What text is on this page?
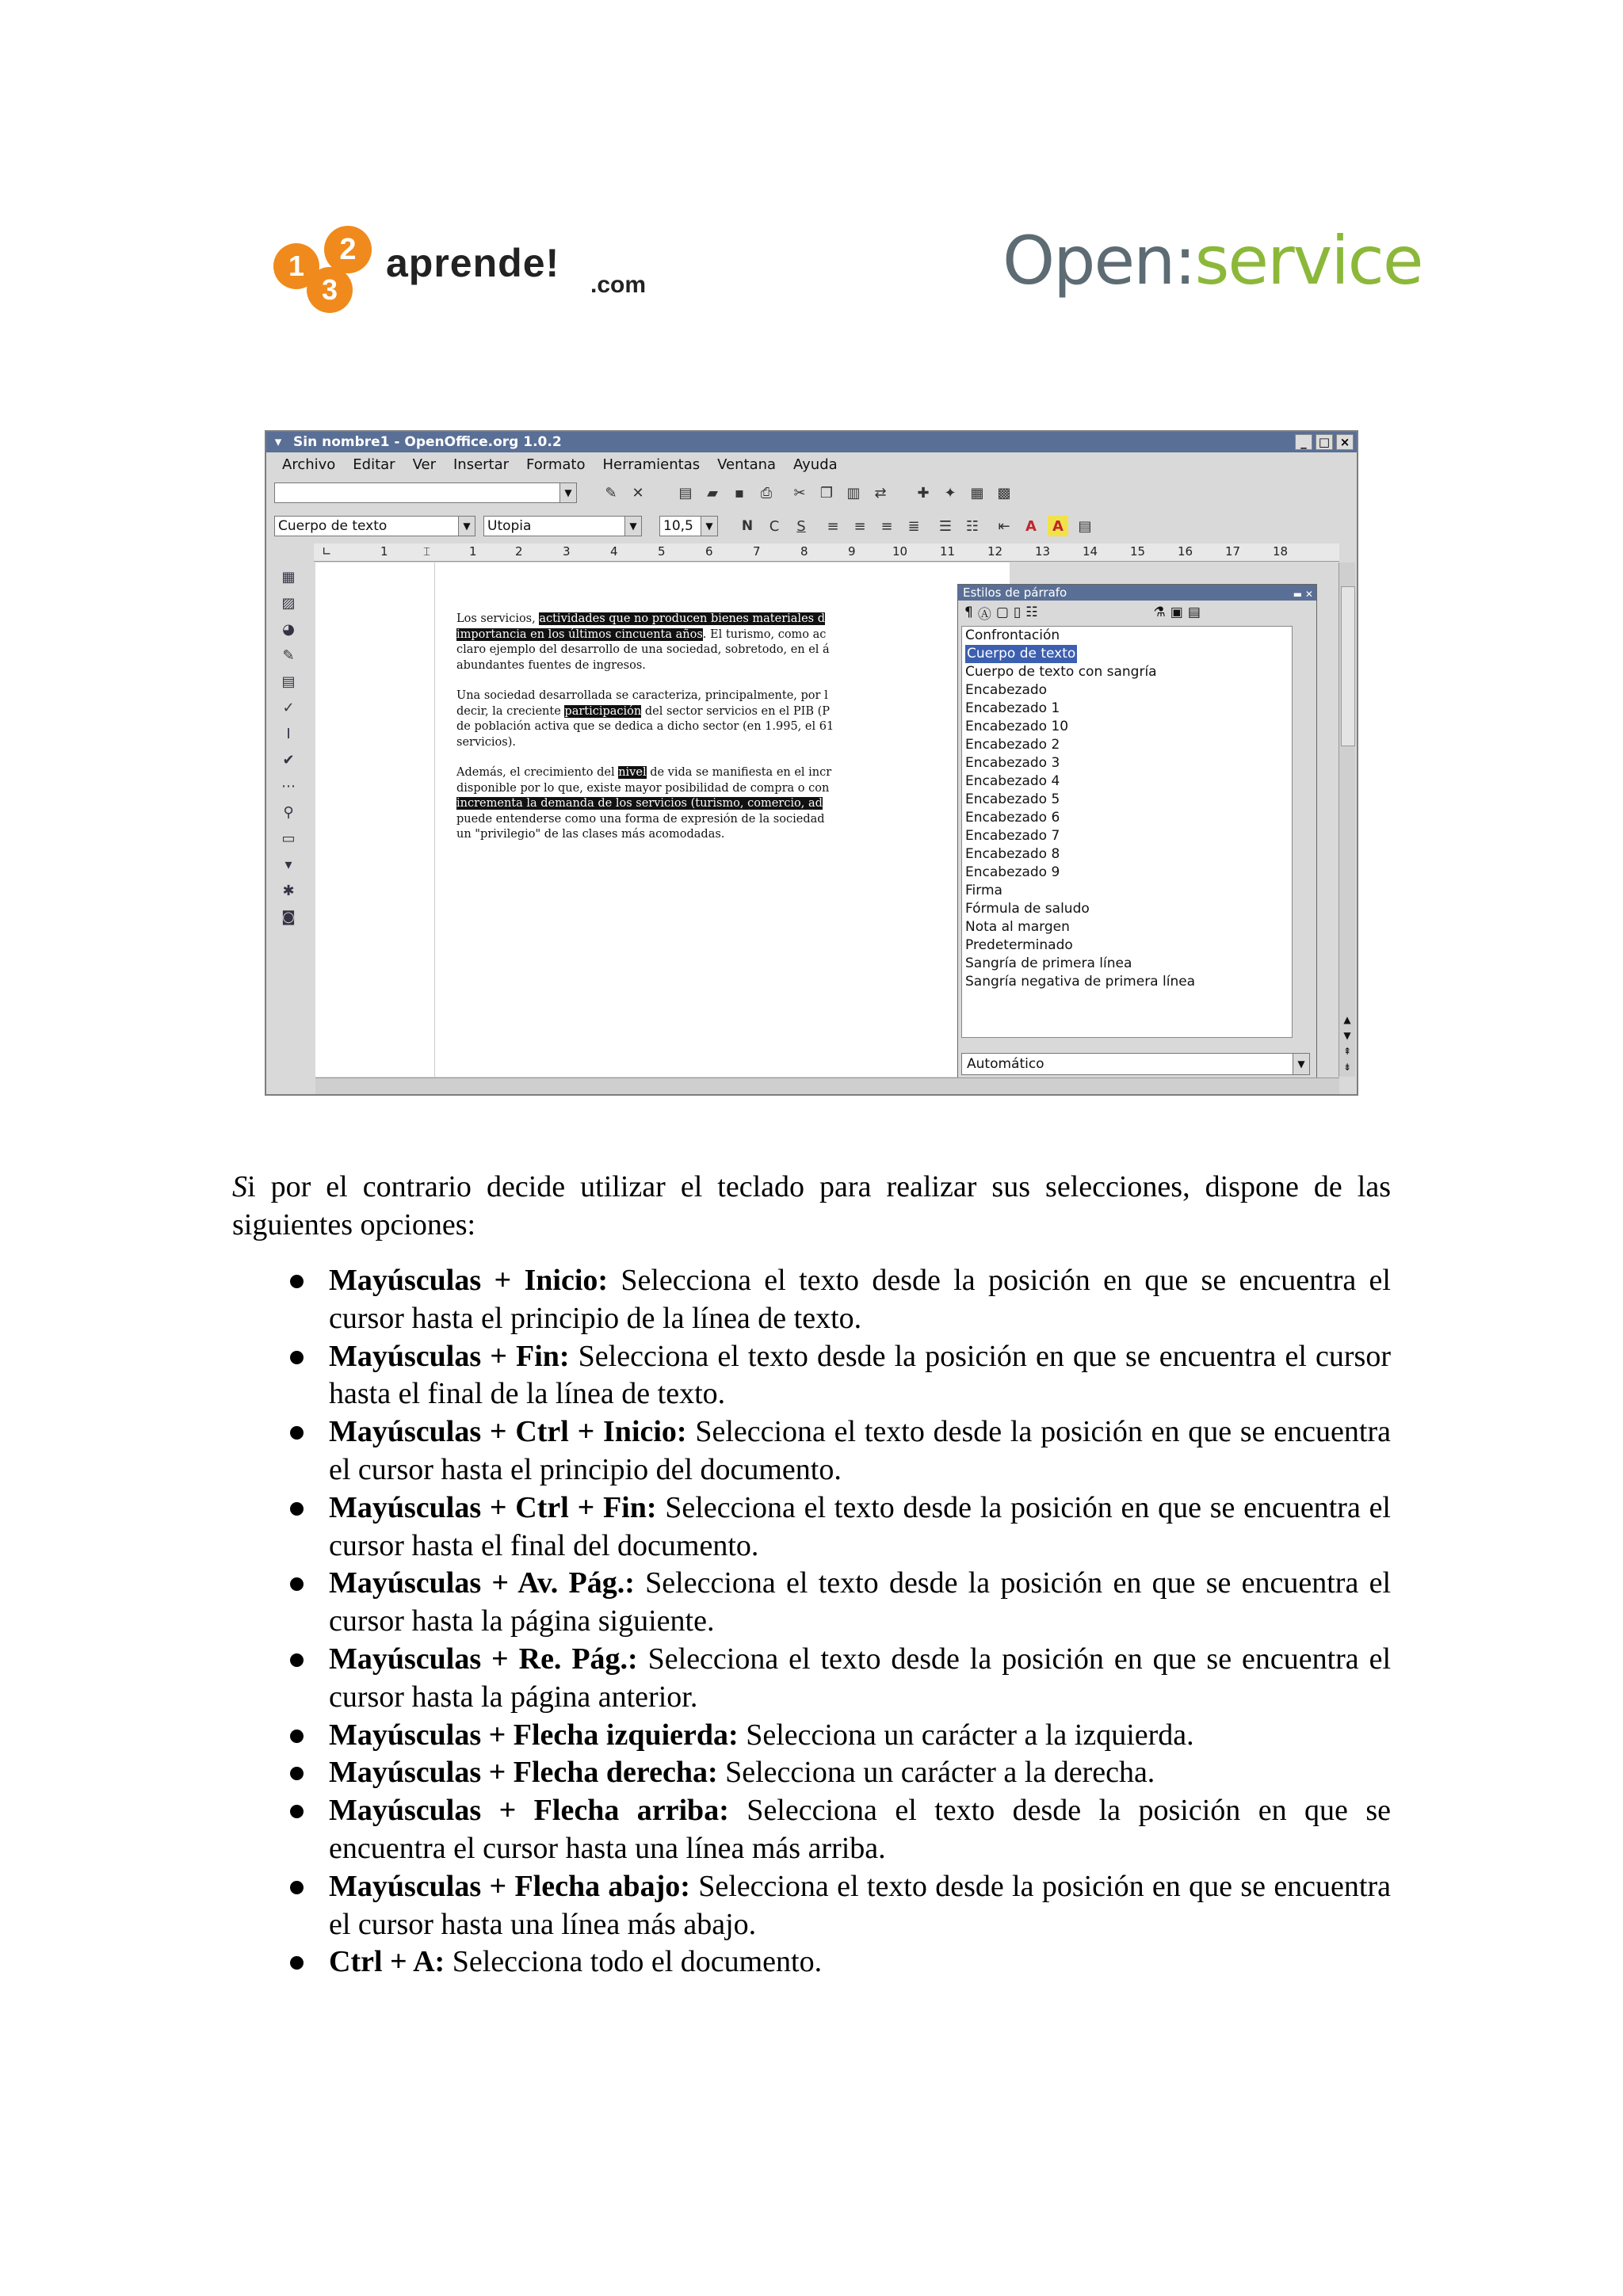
1	2
3
aprende! .com	Open:service
▾ Sin nombre1 - OpenOffice.org 1.0.2	_	□ ×
Archivo Editar Ver Insertar Formato Herramientas Ventana Ayuda
▼	✎	✕	▤	▰	▪	⎙	✂	❐ ▥ ⇄	✚	✦ ▦ ▩
Cuerpo de texto	▼	Utopia	▼	10,5	▼	N	C	S	≡	≡	≡	≣	☰ ☷	⇤	A	A	▤
∟	1	⌶	1	2	3	4	5	6	7	8	9	10	11	12	13	14	15	16	17	18
▦
▨
◕
✎
▤
✓
I
✔
⋯
⚲
▭
▾
✱
◙
Los servicios, actividades que no producen bienes materiales d
importancia en los últimos cincuenta años. El turismo, como ac
claro ejemplo del desarrollo de una sociedad, sobretodo, en el á
abundantes fuentes de ingresos.
Una sociedad desarrollada se caracteriza, principalmente, por l
decir, la creciente participación del sector servicios en el PIB (P
de población activa que se dedica a dicho sector (en 1.995, el 61
servicios).
Además, el crecimiento del nivel de vida se manifiesta en el incr
disponible por lo que, existe mayor posibilidad de compra o con
incrementa la demanda de los servicios (turismo, comercio, ad
puede entenderse como una forma de expresión de la sociedad
un "privilegio" de las clases más acomodadas.
Estilos de párrafo	▬ ✕
¶ Ⓐ ▢ ▯ ☷	⚗ ▣ ▤
Confrontación
Cuerpo de texto
Cuerpo de texto con sangría
Encabezado
Encabezado 1
Encabezado 10
Encabezado 2
Encabezado 3
Encabezado 4
Encabezado 5
Encabezado 6
Encabezado 7
Encabezado 8
Encabezado 9
Firma
Fórmula de saludo
Nota al margen
Predeterminado
Sangría de primera línea
Sangría negativa de primera línea
Automático	▼
▲
▼
⇞
⇟

Si por el contrario decide utilizar el teclado para realizar sus selecciones, dispone de las siguientes opciones:

Mayúsculas + Inicio: Selecciona el texto desde la posición en que se encuentra el cursor hasta el principio de la línea de texto.
Mayúsculas + Fin: Selecciona el texto desde la posición en que se encuentra el cursor hasta el final de la línea de texto.
Mayúsculas + Ctrl + Inicio: Selecciona el texto desde la posición en que se encuentra el cursor hasta el principio del documento.
Mayúsculas + Ctrl + Fin: Selecciona el texto desde la posición en que se encuentra el cursor hasta el final del documento.
Mayúsculas + Av. Pág.: Selecciona el texto desde la posición en que se encuentra el cursor hasta la página siguiente.
Mayúsculas + Re. Pág.: Selecciona el texto desde la posición en que se encuentra el cursor hasta la página anterior.
Mayúsculas + Flecha izquierda: Selecciona un carácter a la izquierda.
Mayúsculas + Flecha derecha: Selecciona un carácter a la derecha.
Mayúsculas + Flecha arriba: Selecciona el texto desde la posición en que se encuentra el cursor hasta una línea más arriba.
Mayúsculas + Flecha abajo: Selecciona el texto desde la posición en que se encuentra el cursor hasta una línea más abajo.
Ctrl + A: Selecciona todo el documento.
